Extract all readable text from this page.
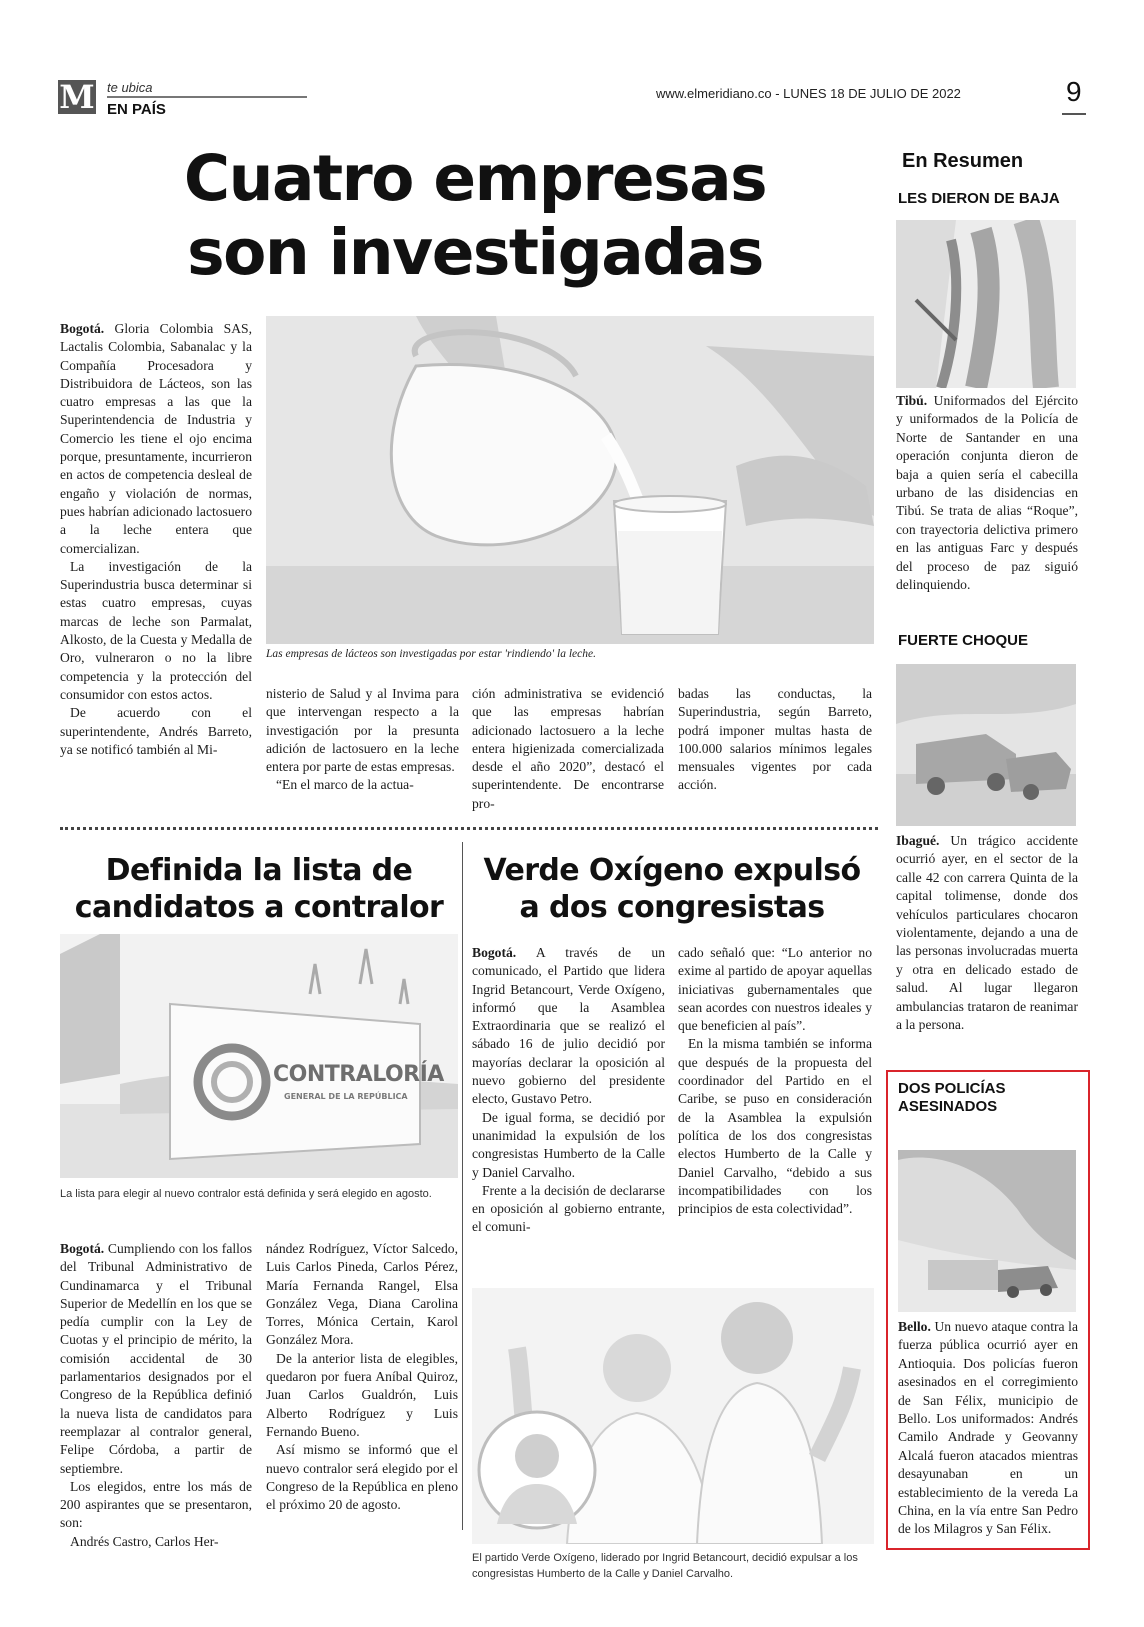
M te ubica
EN PAÍS
www.elmeridiano.co - LUNES 18 DE JULIO DE 2022	9
Cuatro empresas
son investigadas

Bogotá. Gloria Colombia SAS, Lactalis Colombia, Sabanalac y la Compañía Procesadora y Distribuidora de Lácteos, son las cuatro empresas a las que la Superintendencia de Industria y Comercio les tiene el ojo encima porque, presuntamente, incurrieron en actos de competencia desleal de engaño y violación de normas, pues habrían adicionado lactosuero a la leche entera que comercializan.

La investigación de la Superindustria busca determinar si estas cuatro empresas, cuyas marcas de leche son Parmalat, Alkosto, de la Cuesta y Medalla de Oro, vulneraron o no la libre competencia y la protección del consumidor con estos actos.

De acuerdo con el superintendente, Andrés Barreto, ya se notificó también al Mi-

Las empresas de lácteos son investigadas por estar 'rindiendo' la leche.

nisterio de Salud y al Invima para que intervengan respecto a la investigación por la presunta adición de lactosuero en la leche entera por parte de estas empresas.

“En el marco de la actua-

ción administrativa se evidenció que las empresas habrían adicionado lactosuero a la leche entera higienizada comercializada desde el año 2020”, destacó el superintendente. De encontrarse pro-

badas las conductas, la Superindustria, según Barreto, podrá imponer multas hasta de 100.000 salarios mínimos legales mensuales vigentes por cada acción.

Definida la lista de
candidatos a contralor
CONTRALORÍA
GENERAL DE LA REPÚBLICA
La lista para elegir al nuevo contralor está definida y será elegido en agosto.

Bogotá. Cumpliendo con los fallos del Tribunal Administrativo de Cundinamarca y el Tribunal Superior de Medellín en los que se pedía cumplir con la Ley de Cuotas y el principio de mérito, la comisión accidental de 30 parlamentarios designados por el Congreso de la República definió la nueva lista de candidatos para reemplazar al contralor general, Felipe Córdoba, a partir de septiembre.

Los elegidos, entre los más de 200 aspirantes que se presentaron, son:

Andrés Castro, Carlos Her-

nández Rodríguez, Víctor Salcedo, Luis Carlos Pineda, Carlos Pérez, María Fernanda Rangel, Elsa González Vega, Diana Carolina Torres, Mónica Certain, Karol González Mora.

De la anterior lista de elegibles, quedaron por fuera Aníbal Quiroz, Juan Carlos Gualdrón, Luis Alberto Rodríguez y Luis Fernando Bueno.

Así mismo se informó que el nuevo contralor será elegido por el Congreso de la República en pleno el próximo 20 de agosto.

Verde Oxígeno expulsó
a dos congresistas

Bogotá. A través de un comunicado, el Partido que lidera Ingrid Betancourt, Verde Oxígeno, informó que la Asamblea Extraordinaria que se realizó el sábado 16 de julio decidió por mayorías declarar la oposición al nuevo gobierno del presidente electo, Gustavo Petro.

De igual forma, se decidió por unanimidad la expulsión de los congresistas Humberto de la Calle y Daniel Carvalho.

Frente a la decisión de declararse en oposición al gobierno entrante, el comuni-

cado señaló que: “Lo anterior no exime al partido de apoyar aquellas iniciativas gubernamentales que sean acordes con nuestros ideales y que beneficien al país”.

En la misma también se informa que después de la propuesta del coordinador del Partido en el Caribe, se puso en consideración de la Asamblea la expulsión política de los dos congresistas electos Humberto de la Calle y Daniel Carvalho, “debido a sus incompatibilidades con los principios de esta colectividad”.

El partido Verde Oxígeno, liderado por Ingrid Betancourt, decidió expulsar a los congresistas Humberto de la Calle y Daniel Carvalho.
En Resumen
LES DIERON DE BAJA
Tibú. Uniformados del Ejército y uniformados de la Policía de Norte de Santander en una operación conjunta dieron de baja a quien sería el cabecilla urbano de las disidencias en Tibú. Se trata de alias “Roque”, con trayectoria delictiva primero en las antiguas Farc y después del proceso de paz siguió delinquiendo.
FUERTE CHOQUE
Ibagué. Un trágico accidente ocurrió ayer, en el sector de la calle 42 con carrera Quinta de la capital tolimense, donde dos vehículos particulares chocaron violentamente, dejando a una de las personas involucradas muerta y otra en delicado estado de salud. Al lugar llegaron ambulancias trataron de reanimar a la persona.
DOS POLICÍAS ASESINADOS
Bello. Un nuevo ataque contra la fuerza pública ocurrió ayer en Antioquia. Dos policías fueron asesinados en el corregimiento de San Félix, municipio de Bello. Los uniformados: Andrés Camilo Andrade y Geovanny Alcalá fueron atacados mientras desayunaban en un establecimiento de la vereda La China, en la vía entre San Pedro de los Milagros y San Félix.
